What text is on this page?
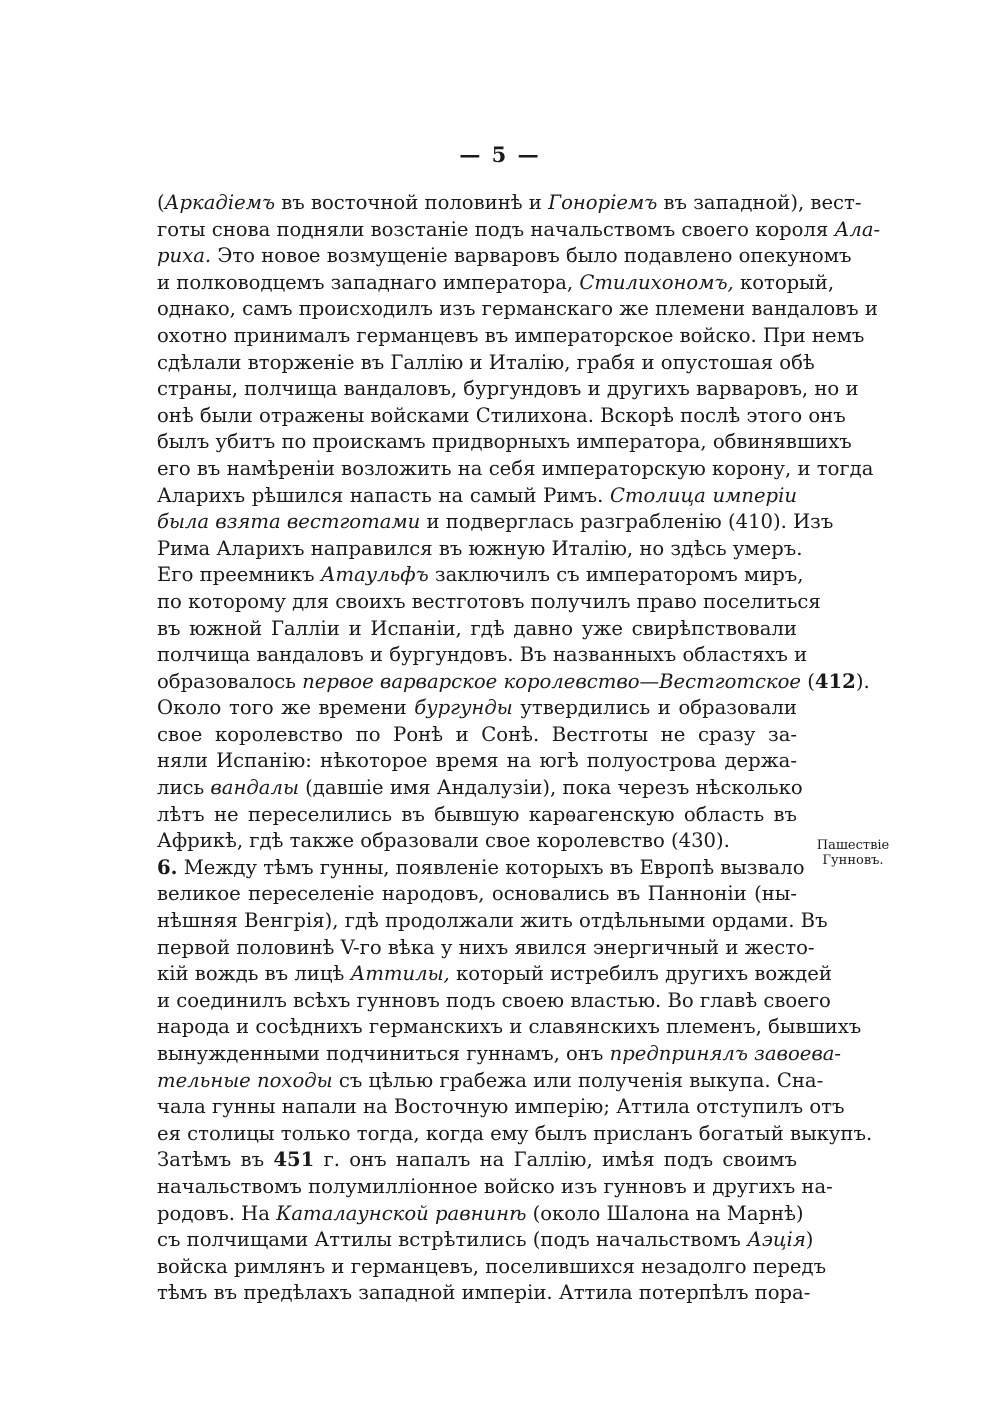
— 5 —
(Аркадіемъ въ восточной половинѣ и Гонорiемъ въ западной), вест-
готы снова подняли возстаніе подъ начальствомъ своего короля Ала-
риха. Это новое возмущеніе варваровъ было подавлено опекуномъ
и полководцемъ западнаго императора, Стилихономъ, который,
однако, самъ происходилъ изъ германскаго же племени вандаловъ и
охотно принималъ германцевъ въ императорское войско. При немъ
сдѣлали вторженіе въ Галлію и Италію, грабя и опустошая обѣ
страны, полчища вандаловъ, бургундовъ и другихъ варваровъ, но и
онѣ были отражены войсками Стилихона. Вскорѣ послѣ этого онъ
былъ убитъ по проискамъ придворныхъ императора, обвинявшихъ
его въ намѣреніи возложить на себя императорскую корону, и тогда
Аларихъ рѣшился напасть на самый Римъ. Столица имперіи
была взята вестготами и подверглась разграбленію (410). Изъ
Рима Аларихъ направился въ южную Италію, но здѣсь умеръ.
Его преемникъ Атаульфъ заключилъ съ императоромъ миръ,
по которому для своихъ вестготовъ получилъ право поселиться
въ южной Галліи и Испаніи, гдѣ давно уже свирѣпствовали
полчища вандаловъ и бургундовъ. Въ названныхъ областяхъ и
образовалось первое варварское королевство—Вестготское (412).
Около того же времени бургунды утвердились и образовали
свое королевство по Ронѣ и Сонѣ. Вестготы не сразу за-
няли Испанію: нѣкоторое время на югѣ полуострова держа-
лись вандалы (давшіе имя Андалузіи), пока черезъ нѣсколько
лѣтъ не переселились въ бывшую карѳагенскую область въ
Африкѣ, гдѣ также образовали свое королевство (430).
6. Между тѣмъ гунны, появленіе которыхъ въ Европѣ вызвало
великое переселеніе народовъ, основались въ Панноніи (ны-
нѣшняя Венгрія), гдѣ продолжали жить отдѣльными ордами. Въ
первой половинѣ V-го вѣка у нихъ явился энергичный и жесто-
кій вождь въ лицѣ Аттилы, который истребилъ другихъ вождей
и соединилъ всѣхъ гунновъ подъ своею властью. Во главѣ своего
народа и сосѣднихъ германскихъ и славянскихъ племенъ, бывшихъ
вынужденными подчиниться гуннамъ, онъ предпринялъ завоева-
тельные походы съ цѣлью грабежа или полученія выкупа. Сна-
чала гунны напали на Восточную имперію; Аттила отступилъ отъ
ея столицы только тогда, когда ему былъ присланъ богатый выкупъ.
Затѣмъ въ 451 г. онъ напалъ на Галлію, имѣя подъ своимъ
начальствомъ полумилліонное войско изъ гунновъ и другихъ на-
родовъ. На Каталаунской равнинѣ (около Шалона на Марнѣ)
съ полчищами Аттилы встрѣтились (подъ начальствомъ Аэція)
войска римлянъ и германцевъ, поселившихся незадолго передъ
тѣмъ въ предѣлахъ западной имперіи. Аттила потерпѣлъ пора-
Пашествіе
Гунновъ.
